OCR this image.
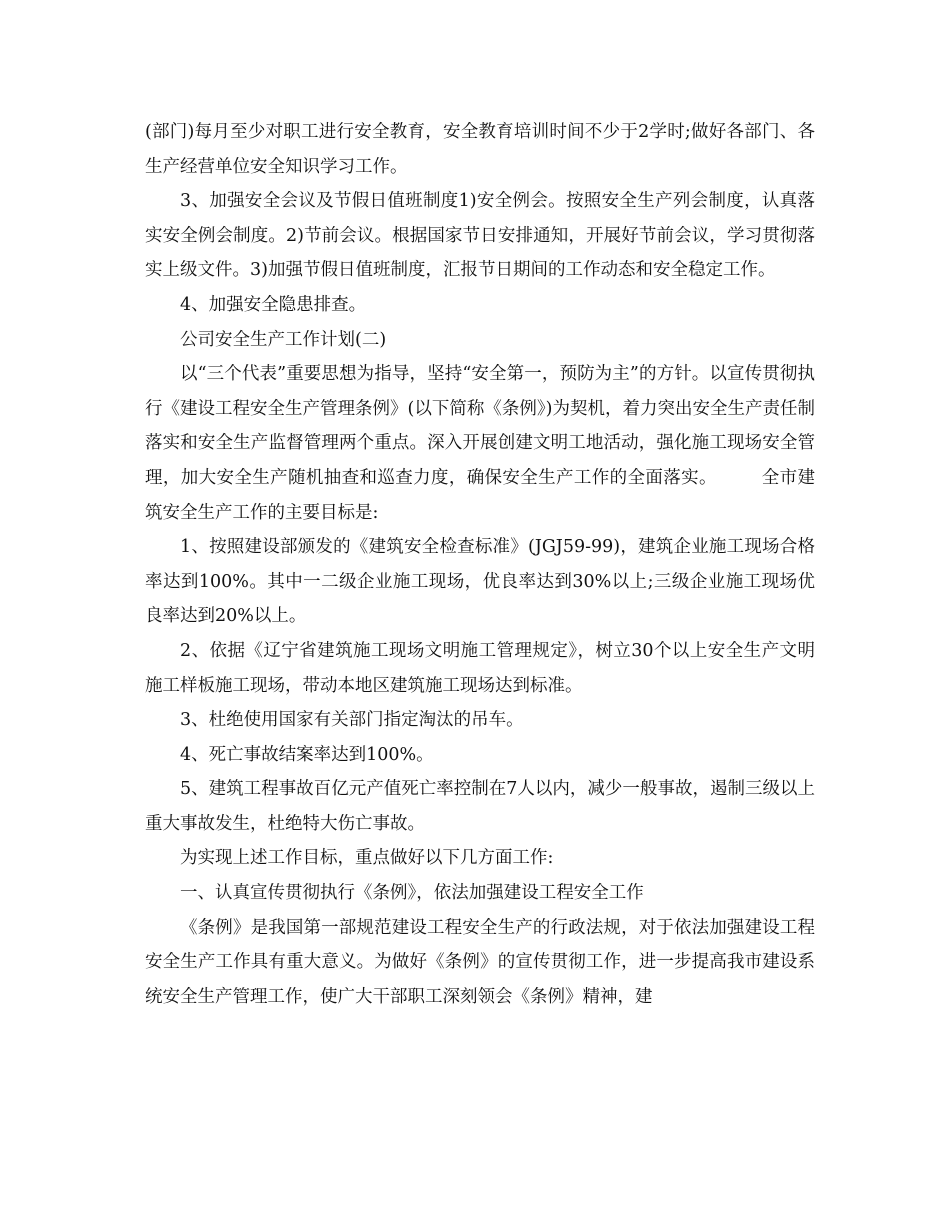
(部门)每月至少对职工进行安全教育，安全教育培训时间不少于2学时;做好各部门、各生产经营单位安全知识学习工作。

3、加强安全会议及节假日值班制度1)安全例会。按照安全生产列会制度，认真落实安全例会制度。2)节前会议。根据国家节日安排通知，开展好节前会议，学习贯彻落实上级文件。3)加强节假日值班制度，汇报节日期间的工作动态和安全稳定工作。

4、加强安全隐患排查。

公司安全生产工作计划(二)

以“三个代表”重要思想为指导，坚持“安全第一，预防为主”的方针。以宣传贯彻执行《建设工程安全生产管理条例》(以下简称《条例》)为契机，着力突出安全生产责任制落实和安全生产监督管理两个重点。深入开展创建文明工地活动，强化施工现场安全管理，加大安全生产随机抽查和巡查力度，确保安全生产工作的全面落实。　　　全市建筑安全生产工作的主要目标是:

1、按照建设部颁发的《建筑安全检查标准》(JGJ59-99)，建筑企业施工现场合格率达到100%。其中一二级企业施工现场，优良率达到30%以上;三级企业施工现场优良率达到20%以上。

2、依据《辽宁省建筑施工现场文明施工管理规定》，树立30个以上安全生产文明施工样板施工现场，带动本地区建筑施工现场达到标准。

3、杜绝使用国家有关部门指定淘汰的吊车。

4、死亡事故结案率达到100%。

5、建筑工程事故百亿元产值死亡率控制在7人以内，减少一般事故，遏制三级以上重大事故发生，杜绝特大伤亡事故。

为实现上述工作目标，重点做好以下几方面工作:

一、认真宣传贯彻执行《条例》，依法加强建设工程安全工作

《条例》是我国第一部规范建设工程安全生产的行政法规，对于依法加强建设工程安全生产工作具有重大意义。为做好《条例》的宣传贯彻工作，进一步提高我市建设系统安全生产管理工作，使广大干部职工深刻领会《条例》精神，建
